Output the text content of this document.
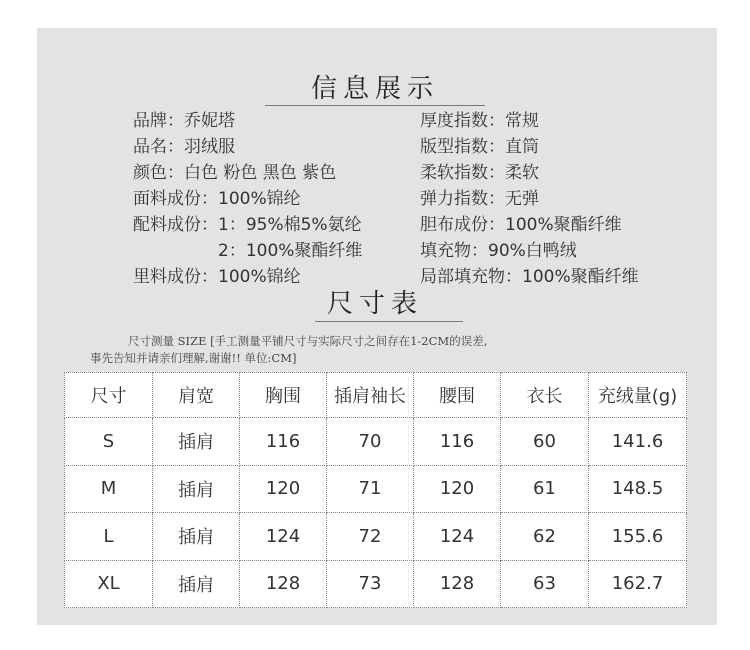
信息展示
品牌：乔妮塔
品名：羽绒服
颜色：白色 粉色 黑色 紫色
面料成份：100%锦纶
配料成份：1：95%棉5%氨纶
　　　　　2：100%聚酯纤维
里料成份：100%锦纶
厚度指数：常规
版型指数：直筒
柔软指数：柔软
弹力指数：无弹
胆布成份：100%聚酯纤维
填充物：90%白鸭绒
局部填充物：100%聚酯纤维
尺寸表
尺寸测量 SIZE [手工测量平铺尺寸与实际尺寸之间存在1-2CM的误差,
事先告知并请亲们理解,谢谢!! 单位:CM]
尺寸	肩宽	胸围	插肩袖长	腰围	衣长	充绒量(g)
S	插肩	116	70	116	60	141.6
M	插肩	120	71	120	61	148.5
L	插肩	124	72	124	62	155.6
XL	插肩	128	73	128	63	162.7
